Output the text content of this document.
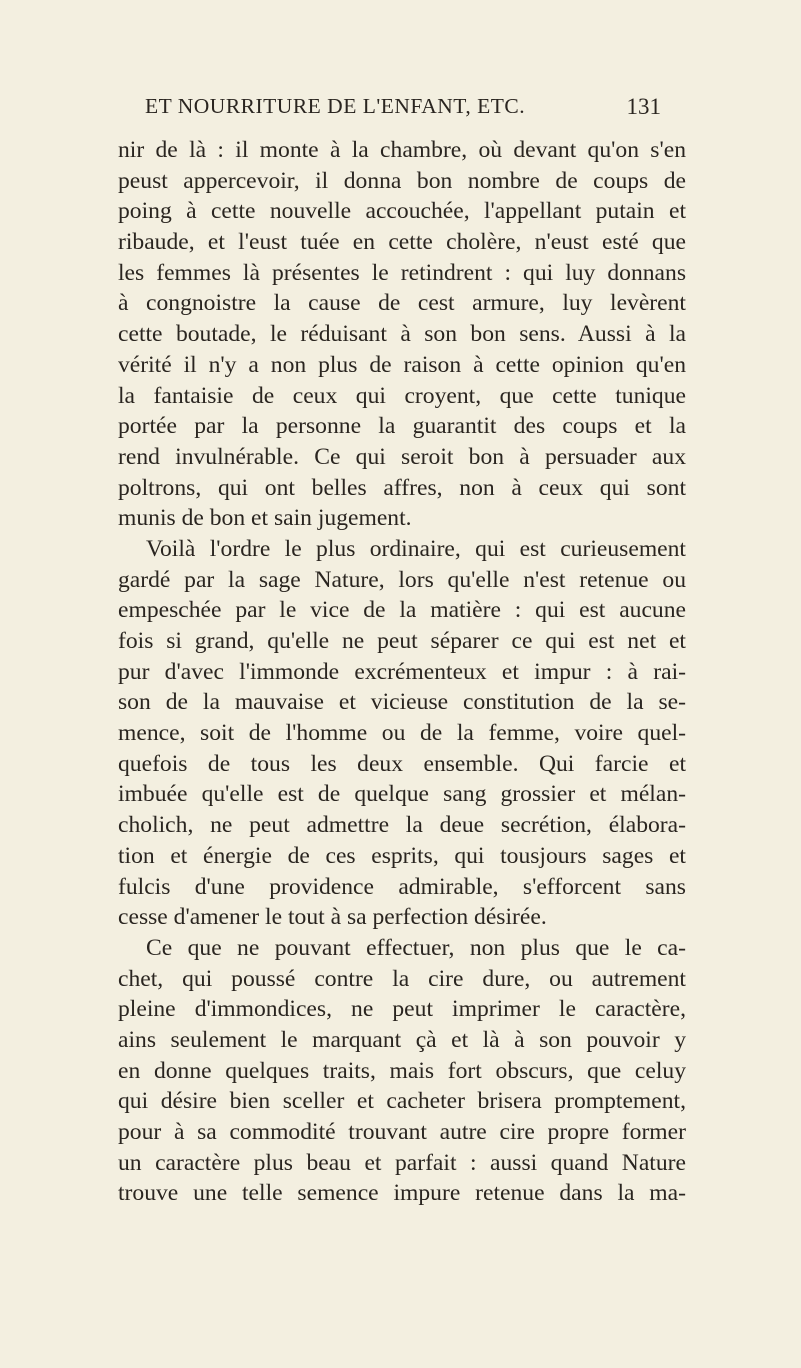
ET NOURRITURE DE L'ENFANT, ETC.	131
nir de là : il monte à la chambre, où devant qu'on s'en
peust appercevoir, il donna bon nombre de coups de
poing à cette nouvelle accouchée, l'appellant putain et
ribaude, et l'eust tuée en cette cholère, n'eust esté que
les femmes là présentes le retindrent : qui luy donnans
à congnoistre la cause de cest armure, luy levèrent
cette boutade, le réduisant à son bon sens. Aussi à la
vérité il n'y a non plus de raison à cette opinion qu'en
la fantaisie de ceux qui croyent, que cette tunique
portée par la personne la guarantit des coups et la
rend invulnérable. Ce qui seroit bon à persuader aux
poltrons, qui ont belles affres, non à ceux qui sont
munis de bon et sain jugement.
Voilà l'ordre le plus ordinaire, qui est curieusement
gardé par la sage Nature, lors qu'elle n'est retenue ou
empeschée par le vice de la matière : qui est aucune
fois si grand, qu'elle ne peut séparer ce qui est net et
pur d'avec l'immonde excrémenteux et impur : à rai-
son de la mauvaise et vicieuse constitution de la se-
mence, soit de l'homme ou de la femme, voire quel-
quefois de tous les deux ensemble. Qui farcie et
imbuée qu'elle est de quelque sang grossier et mélan-
cholich, ne peut admettre la deue secrétion, élabora-
tion et énergie de ces esprits, qui tousjours sages et
fulcis d'une providence admirable, s'efforcent sans
cesse d'amener le tout à sa perfection désirée.
Ce que ne pouvant effectuer, non plus que le ca-
chet, qui poussé contre la cire dure, ou autrement
pleine d'immondices, ne peut imprimer le caractère,
ains seulement le marquant çà et là à son pouvoir y
en donne quelques traits, mais fort obscurs, que celuy
qui désire bien sceller et cacheter brisera promptement,
pour à sa commodité trouvant autre cire propre former
un caractère plus beau et parfait : aussi quand Nature
trouve une telle semence impure retenue dans la ma-
